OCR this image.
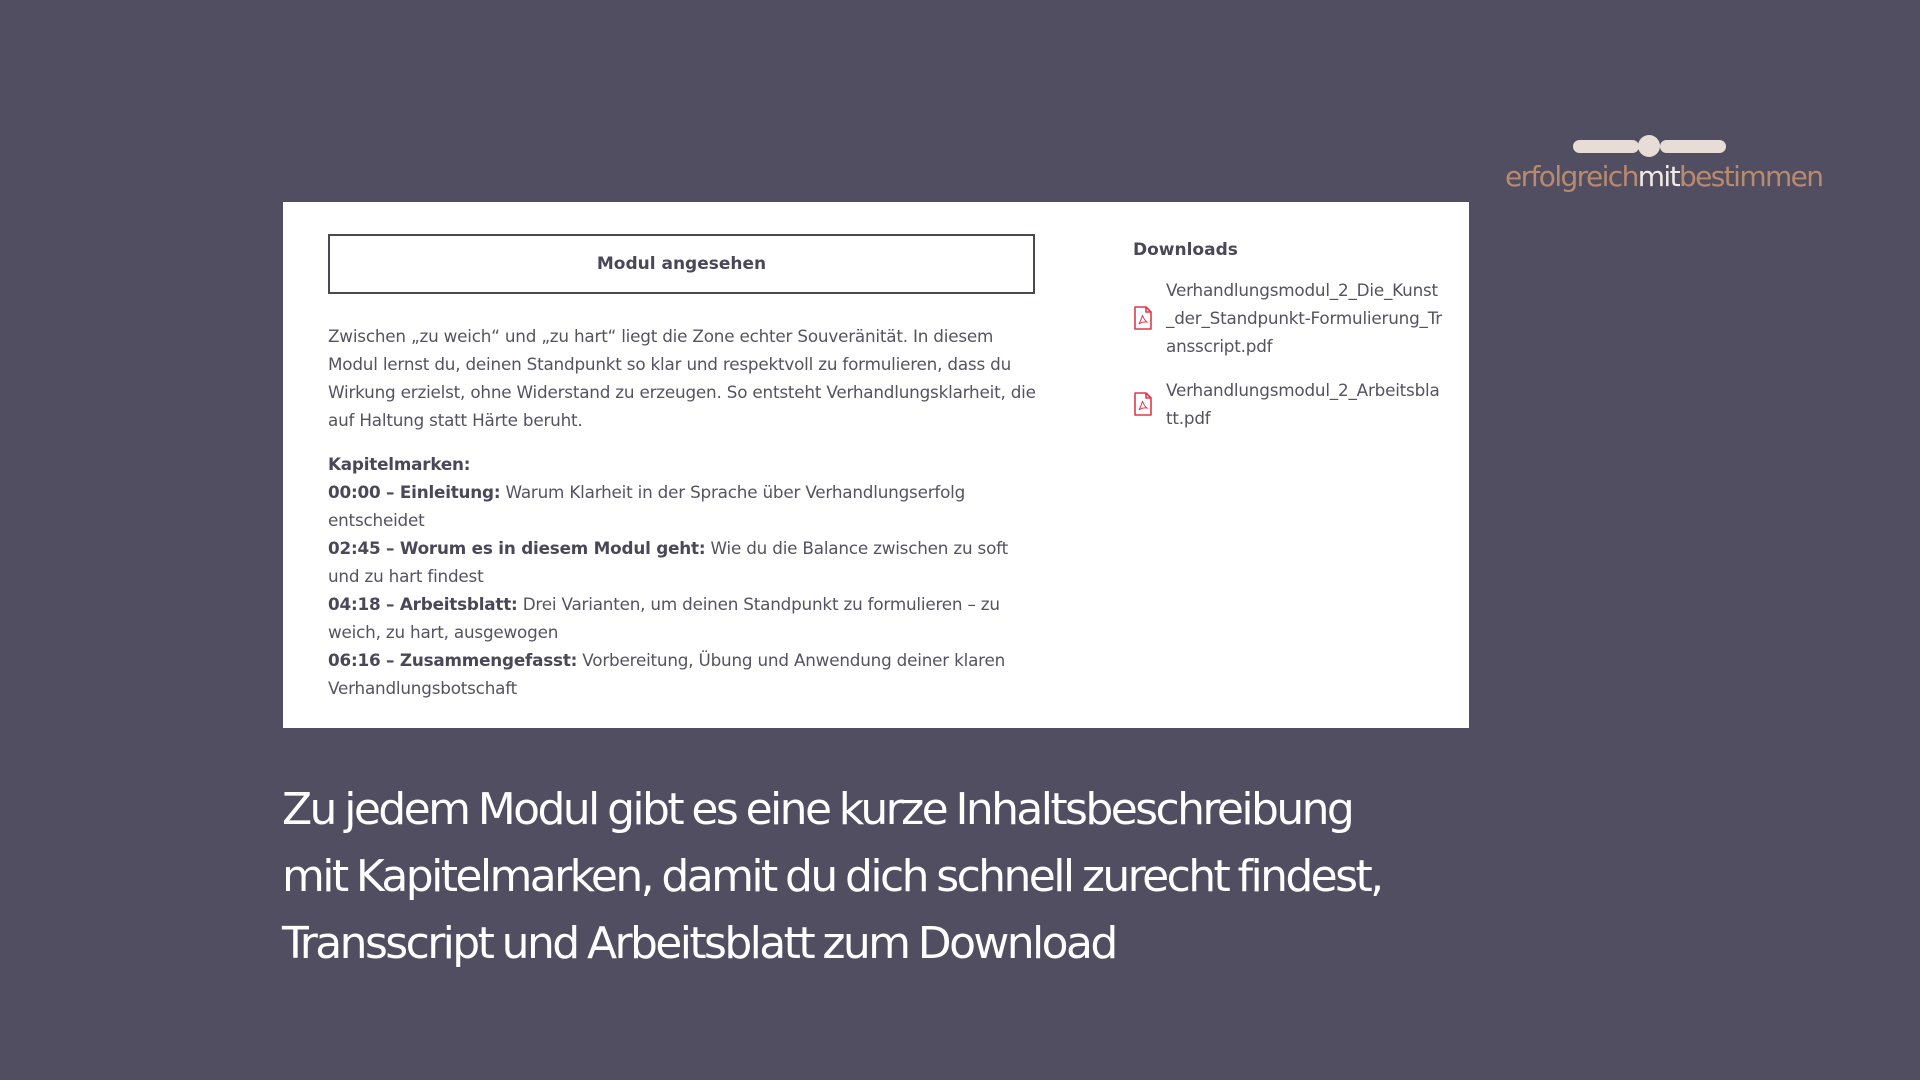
erfolgreichmitbestimmen
Modul angesehen
Zwischen „zu weich“ und „zu hart“ liegt die Zone echter Souveränität. In diesem Modul lernst du, deinen Standpunkt so klar und respektvoll zu formulieren, dass du Wirkung erzielst, ohne Widerstand zu erzeugen. So entsteht Verhandlungsklarheit, die auf Haltung statt Härte beruht.
Kapitelmarken:
00:00 – Einleitung: Warum Klarheit in der Sprache über Verhandlungserfolg entscheidet
02:45 – Worum es in diesem Modul geht: Wie du die Balance zwischen zu soft und zu hart findest
04:18 – Arbeitsblatt: Drei Varianten, um deinen Standpunkt zu formulieren – zu weich, zu hart, ausgewogen
06:16 – Zusammengefasst: Vorbereitung, Übung und Anwendung deiner klaren Verhandlungsbotschaft
Downloads
Verhandlungsmodul_2_Die_Kunst_der_Standpunkt-Formulierung_Transscript.pdf
Verhandlungsmodul_2_Arbeitsblatt.pdf
Zu jedem Modul gibt es eine kurze Inhaltsbeschreibung
mit Kapitelmarken, damit du dich schnell zurecht findest,
Transscript und Arbeitsblatt zum Download
